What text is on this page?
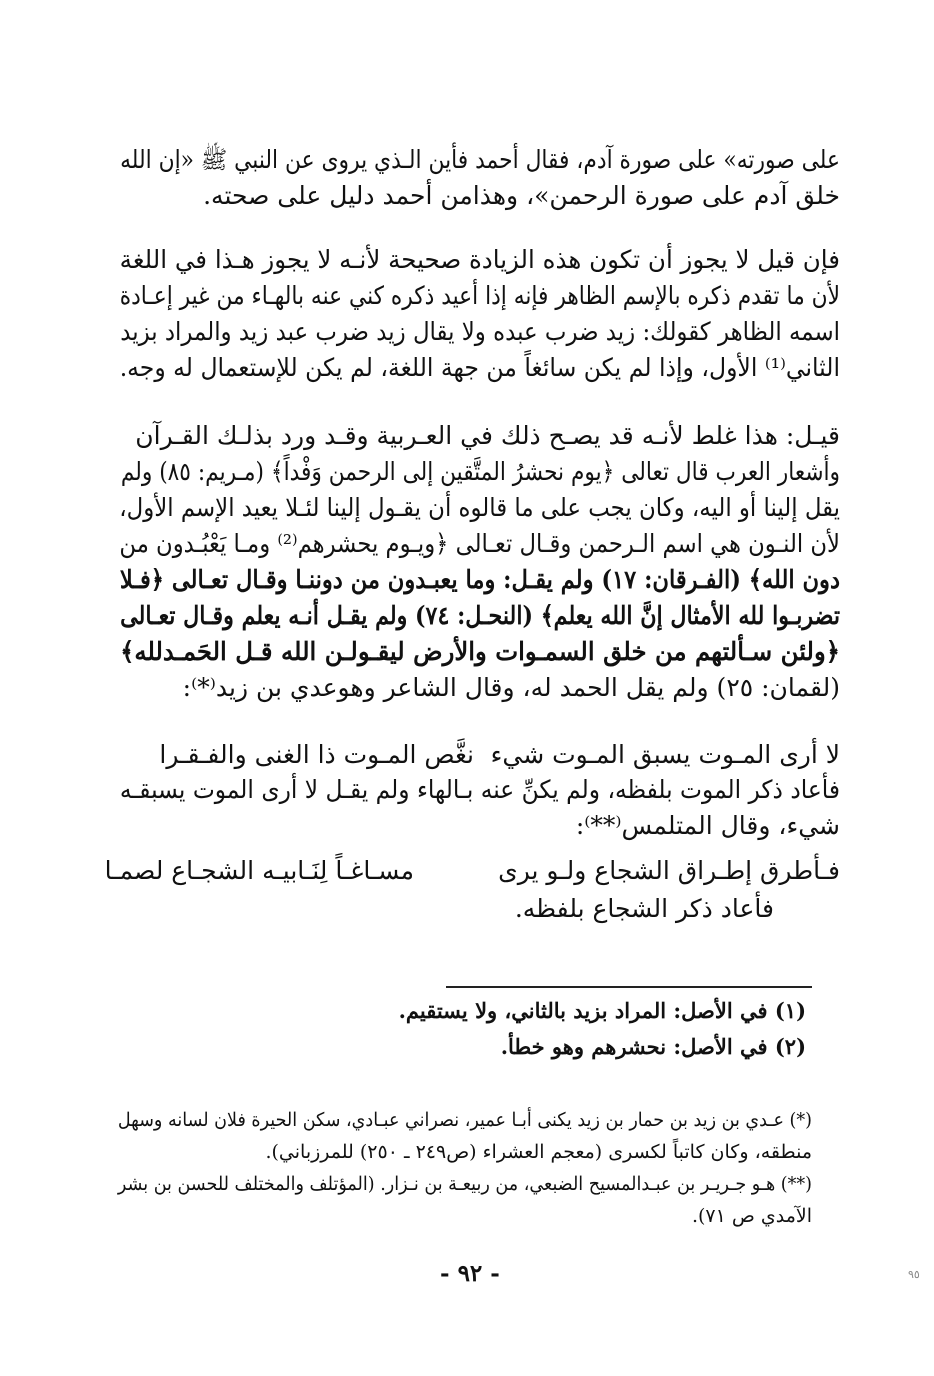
على صورته» على صورة آدم، فقال أحمد فأين الـذي يروى عن النبي ﷺ «إن الله
خلق آدم على صورة الرحمن»، وهذامن أحمد دليل على صحته.
فإن قيل لا يجوز أن تكون هذه الزيادة صحيحة لأنـه لا يجوز هـذا في اللغة
لأن ما تقدم ذكره بالإسم الظاهر فإنه إذا أعيد ذكره كني عنه بالهـاء من غير إعـادة
اسمه الظاهر كقولك: زيد ضرب عبده ولا يقال زيد ضرب عبد زيد والمراد بزيد
الثاني⁽¹⁾ الأول، وإذا لم يكن سائغاً من جهة اللغة، لم يكن للإستعمال له وجه.
قيـل: هذا غلط لأنـه قد يصـح ذلك في العـربية وقـد ورد بذلـك القـرآن
وأشعار العرب قال تعالى ﴿يوم نحشرُ المتَّقين إلى الرحمن وَفْداً﴾ (مـريم: ٨٥) ولم
يقل إلينا أو اليه، وكان يجب على ما قالوه أن يقـول إلينا لئـلا يعيد الإسم الأول،
لأن النـون هي اسم الـرحمن وقـال تعـالى ﴿ويـوم يحشرهم⁽²⁾ ومـا يَعْبُـدون من
دون الله﴾ (الفـرقان: ١٧) ولم يقـل: وما يعبـدون من دوننـا وقـال تعـالى ﴿فـلا
تضربـوا لله الأمثال إنَّ الله يعلم﴾ (النحـل: ٧٤) ولم يقـل أنـه يعلم وقـال تعـالى
﴿ولئن سـألتهم من خلق السمـوات والأرض ليقـولـن الله قـل الحَمـدلله﴾
(لقمان: ٢٥) ولم يقل الحمد له، وقال الشاعر وهوعدي بن زيد⁽*⁾:
لا أرى المـوت يسبق المـوت شيء
نغَّص المـوت ذا الغنى والفـقـرا
فأعاد ذكر الموت بلفظه، ولم يكنِّ عنه بـالهاء ولم يقـل لا أرى الموت يسبقـه
شيء، وقال المتلمس⁽**⁾:
فـأطرق إطـراق الشجاع ولـو يرى
مسـاغـاً لِنَـابيـه الشجـاع لصمـا
فأعاد ذكر الشجاع بلفظه.
(١) في الأصل: المراد بزيد بالثاني، ولا يستقيم.
(٢) في الأصل: نحشرهم وهو خطأ.
(*) عـدي بن زيد بن حمار بن زيد يكنى أبـا عمير، نصراني عبـادي، سكن الحيرة فلان لسانه وسهل
منطقه، وكان كاتباً لكسرى (معجم العشراء (ص٢٤٩ ـ ٢٥٠) للمرزباني).
(**) هـو جـريـر بن عبـدالمسيح الضبعي، من ربيعـة بن نـزار. (المؤتلف والمختلف للحسن بن بشر
الآمدي ص ٧١).
- ٩٢ -	٩٥
